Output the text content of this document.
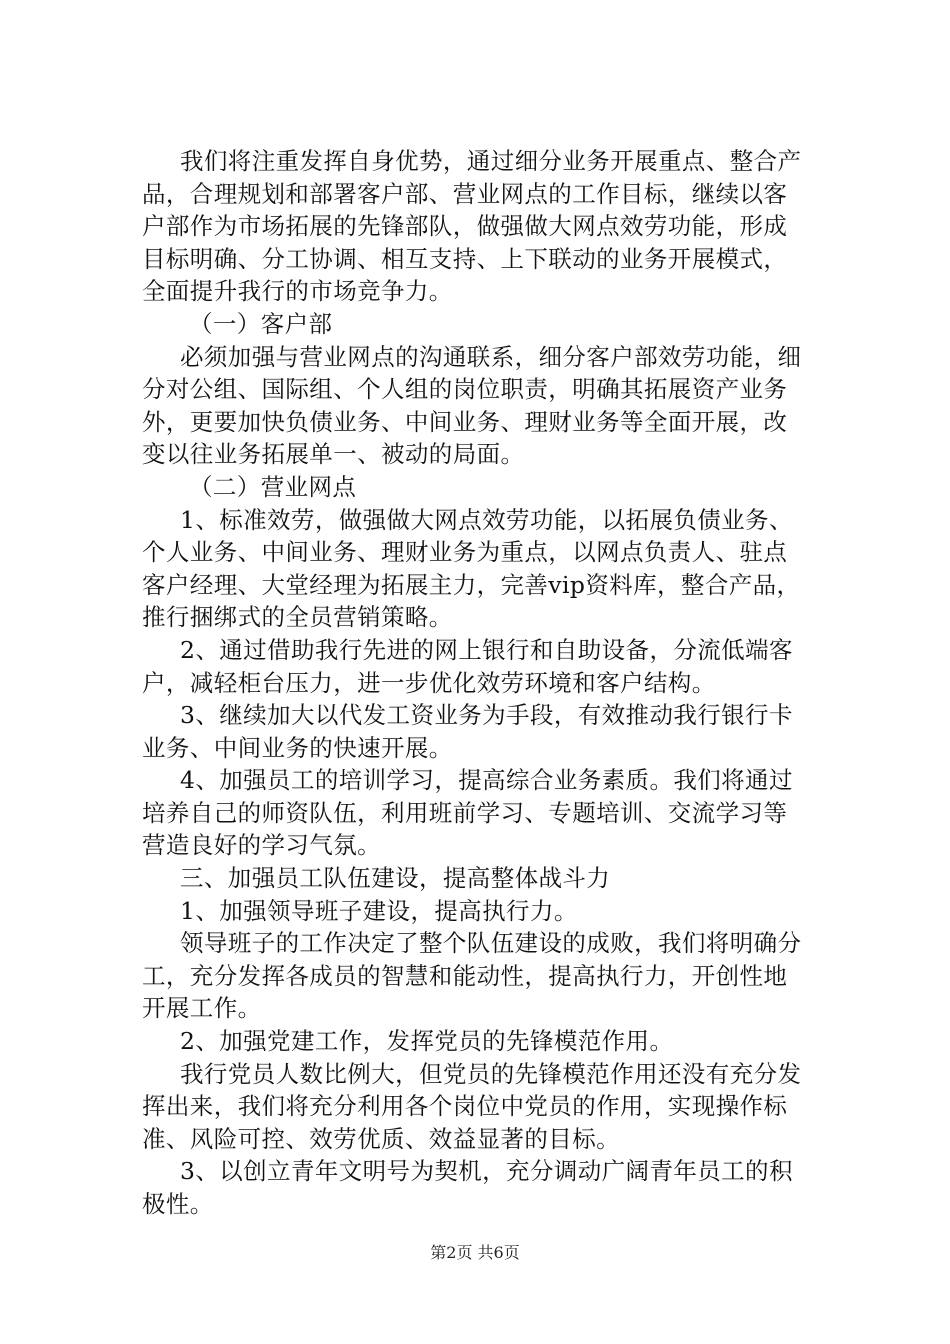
我们将注重发挥自身优势，通过细分业务开展重点、整合产
品，合理规划和部署客户部、营业网点的工作目标，继续以客
户部作为市场拓展的先锋部队，做强做大网点效劳功能，形成
目标明确、分工协调、相互支持、上下联动的业务开展模式，
全面提升我行的市场竞争力。
（一）客户部
必须加强与营业网点的沟通联系，细分客户部效劳功能，细
分对公组、国际组、个人组的岗位职责，明确其拓展资产业务
外，更要加快负债业务、中间业务、理财业务等全面开展，改
变以往业务拓展单一、被动的局面。
（二）营业网点
1、标准效劳，做强做大网点效劳功能，以拓展负债业务、
个人业务、中间业务、理财业务为重点，以网点负责人、驻点
客户经理、大堂经理为拓展主力，完善vip资料库，整合产品，
推行捆绑式的全员营销策略。
2、通过借助我行先进的网上银行和自助设备，分流低端客
户，减轻柜台压力，进一步优化效劳环境和客户结构。
3、继续加大以代发工资业务为手段，有效推动我行银行卡
业务、中间业务的快速开展。
4、加强员工的培训学习，提高综合业务素质。我们将通过
培养自己的师资队伍，利用班前学习、专题培训、交流学习等
营造良好的学习气氛。
三、加强员工队伍建设，提高整体战斗力
1、加强领导班子建设，提高执行力。
领导班子的工作决定了整个队伍建设的成败，我们将明确分
工，充分发挥各成员的智慧和能动性，提高执行力，开创性地
开展工作。
2、加强党建工作，发挥党员的先锋模范作用。
我行党员人数比例大，但党员的先锋模范作用还没有充分发
挥出来，我们将充分利用各个岗位中党员的作用，实现操作标
准、风险可控、效劳优质、效益显著的目标。
3、以创立青年文明号为契机，充分调动广阔青年员工的积
极性。
第2页 共6页
